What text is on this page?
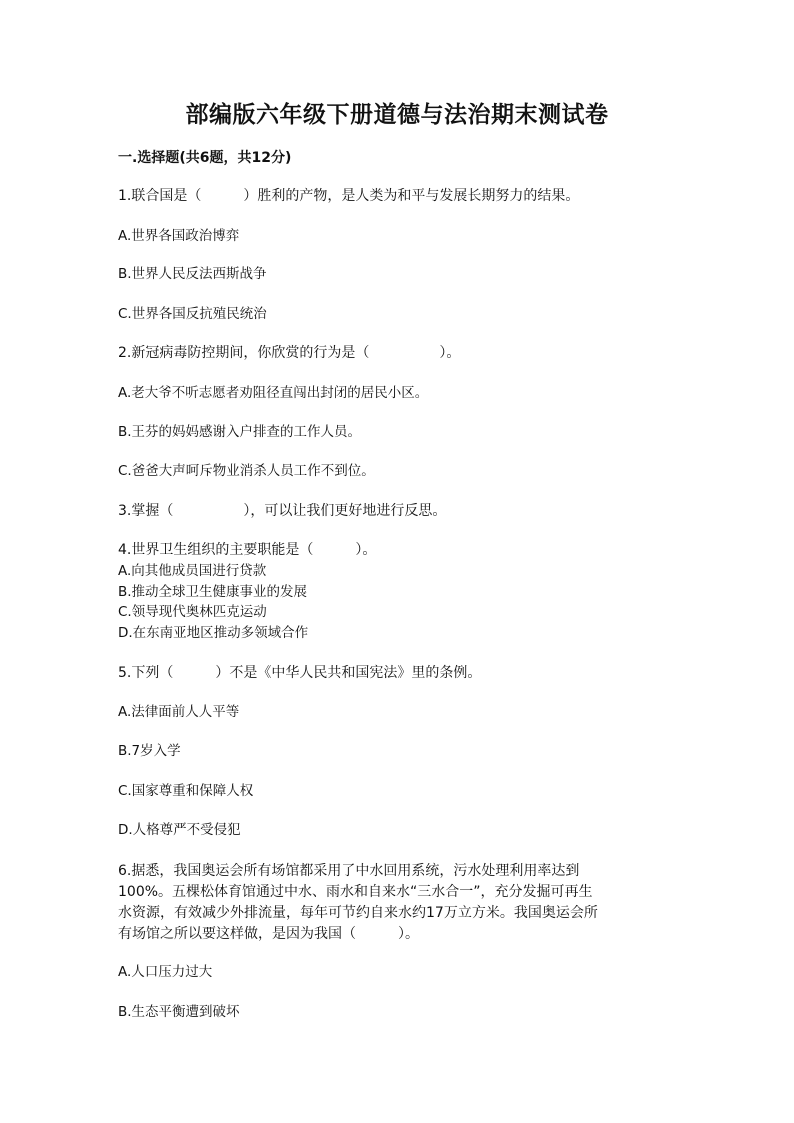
部编版六年级下册道德与法治期末测试卷
一.选择题(共6题，共12分)
1.联合国是（　　　）胜利的产物，是人类为和平与发展长期努力的结果。
A.世界各国政治博弈
B.世界人民反法西斯战争
C.世界各国反抗殖民统治
2.新冠病毒防控期间，你欣赏的行为是（　　　　　）。
A.老大爷不听志愿者劝阻径直闯出封闭的居民小区。
B.王芬的妈妈感谢入户排查的工作人员。
C.爸爸大声呵斥物业消杀人员工作不到位。
3.掌握（　　　　　），可以让我们更好地进行反思。
4.世界卫生组织的主要职能是（　　　）。
A.向其他成员国进行贷款
B.推动全球卫生健康事业的发展
C.领导现代奥林匹克运动
D.在东南亚地区推动多领域合作
5.下列（　　　）不是《中华人民共和国宪法》里的条例。
A.法律面前人人平等
B.7岁入学
C.国家尊重和保障人权
D.人格尊严不受侵犯
6.据悉，我国奥运会所有场馆都采用了中水回用系统，污水处理利用率达到
100%。五棵松体育馆通过中水、雨水和自来水“三水合一”，充分发掘可再生
水资源，有效减少外排流量，每年可节约自来水约17万立方米。我国奥运会所
有场馆之所以要这样做，是因为我国（　　　）。
A.人口压力过大
B.生态平衡遭到破坏
